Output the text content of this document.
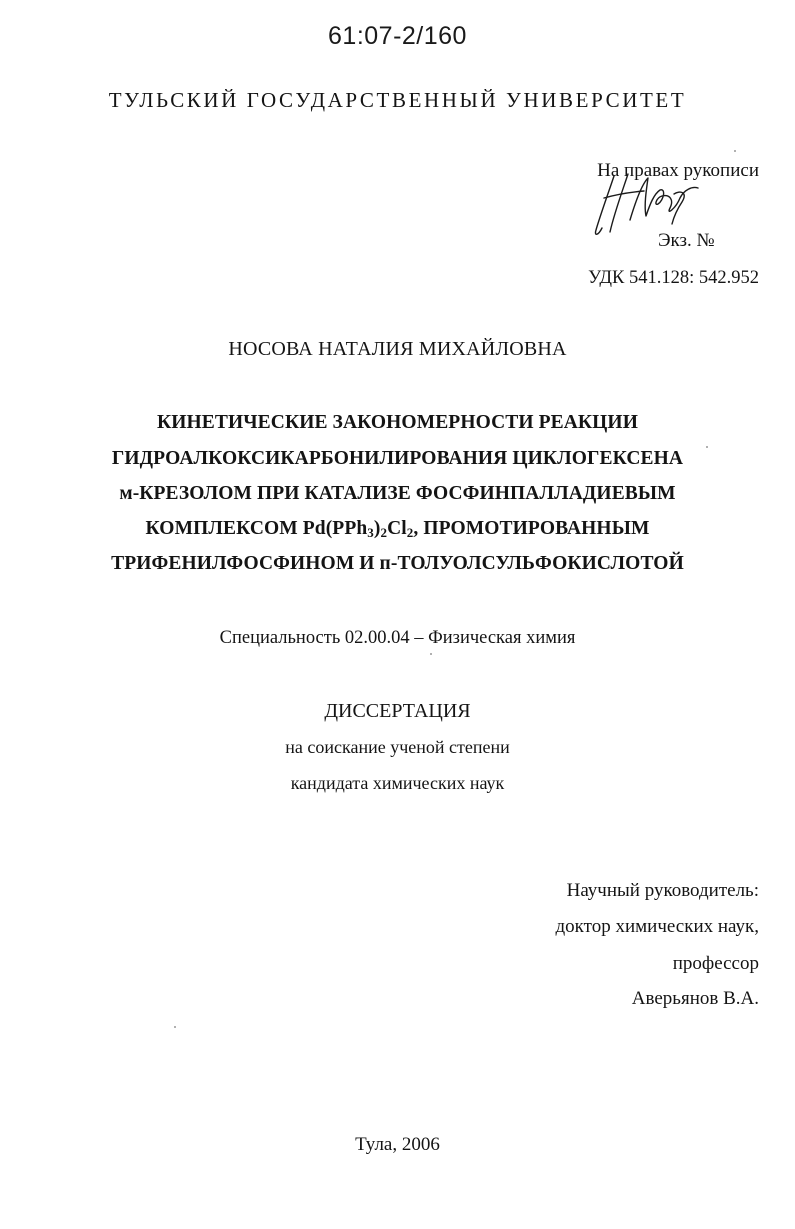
61:07-2/160
ТУЛЬСКИЙ ГОСУДАРСТВЕННЫЙ УНИВЕРСИТЕТ
На правах рукописи
Экз. №
УДК 541.128: 542.952
НОСОВА НАТАЛИЯ МИХАЙЛОВНА
КИНЕТИЧЕСКИЕ ЗАКОНОМЕРНОСТИ РЕАКЦИИ
ГИДРОАЛКОКСИКАРБОНИЛИРОВАНИЯ ЦИКЛОГЕКСЕНА
м-КРЕЗОЛОМ ПРИ КАТАЛИЗЕ ФОСФИНПАЛЛАДИЕВЫМ
КОМПЛЕКСОМ $Pd(PPh_3)_2Cl_2$, ПРОМОТИРОВАННЫМ
ТРИФЕНИЛФОСФИНОМ И п-ТОЛУОЛСУЛЬФОКИСЛОТОЙ
Специальность 02.00.04 – Физическая химия
ДИССЕРТАЦИЯ
на соискание ученой степени
кандидата химических наук
Научный руководитель:
доктор химических наук,
профессор
Аверьянов В.А.
Тула, 2006
